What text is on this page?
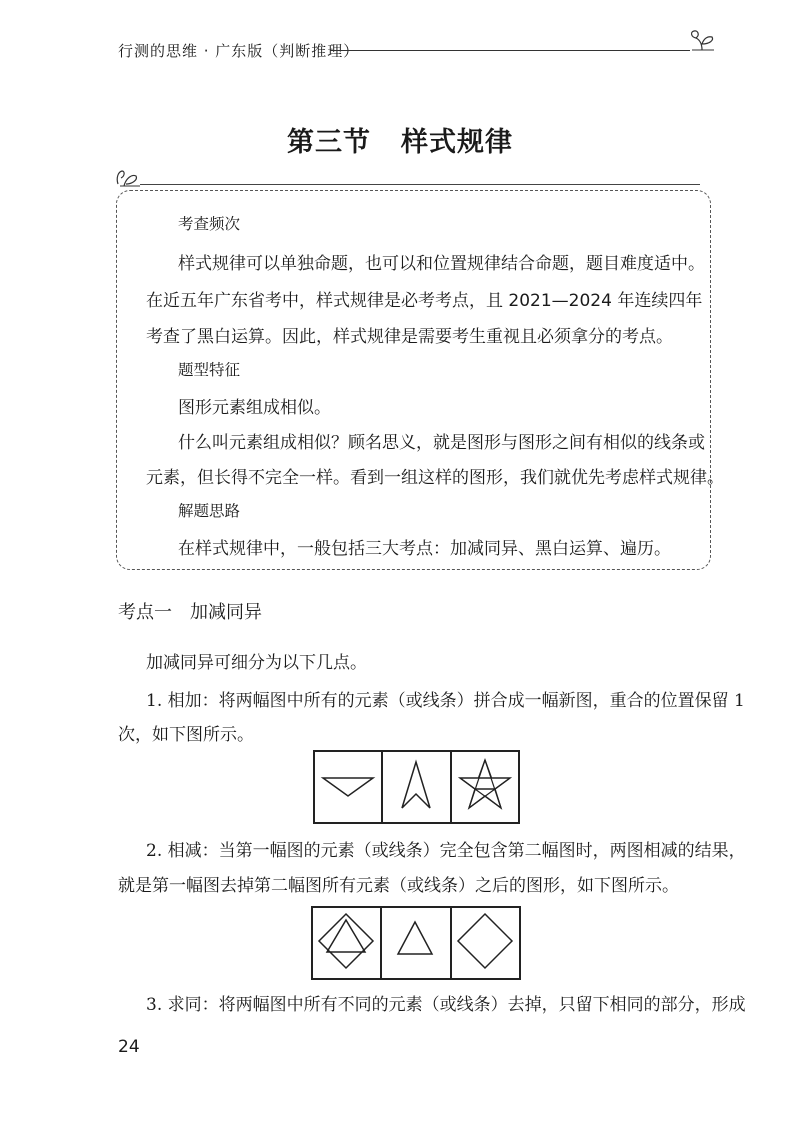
行测的思维 · 广东版（判断推理）
第三节 样式规律
考查频次
样式规律可以单独命题，也可以和位置规律结合命题，题目难度适中。
在近五年广东省考中，样式规律是必考考点，且 2021—2024 年连续四年
考查了黑白运算。因此，样式规律是需要考生重视且必须拿分的考点。
题型特征
图形元素组成相似。
什么叫元素组成相似？顾名思义，就是图形与图形之间有相似的线条或
元素，但长得不完全一样。看到一组这样的图形，我们就优先考虑样式规律。
解题思路
在样式规律中，一般包括三大考点：加减同异、黑白运算、遍历。
考点一　加减同异
加减同异可细分为以下几点。
1. 相加：将两幅图中所有的元素（或线条）拼合成一幅新图，重合的位置保留 1
次，如下图所示。
2. 相减：当第一幅图的元素（或线条）完全包含第二幅图时，两图相减的结果，
就是第一幅图去掉第二幅图所有元素（或线条）之后的图形，如下图所示。
3. 求同：将两幅图中所有不同的元素（或线条）去掉，只留下相同的部分，形成
24
